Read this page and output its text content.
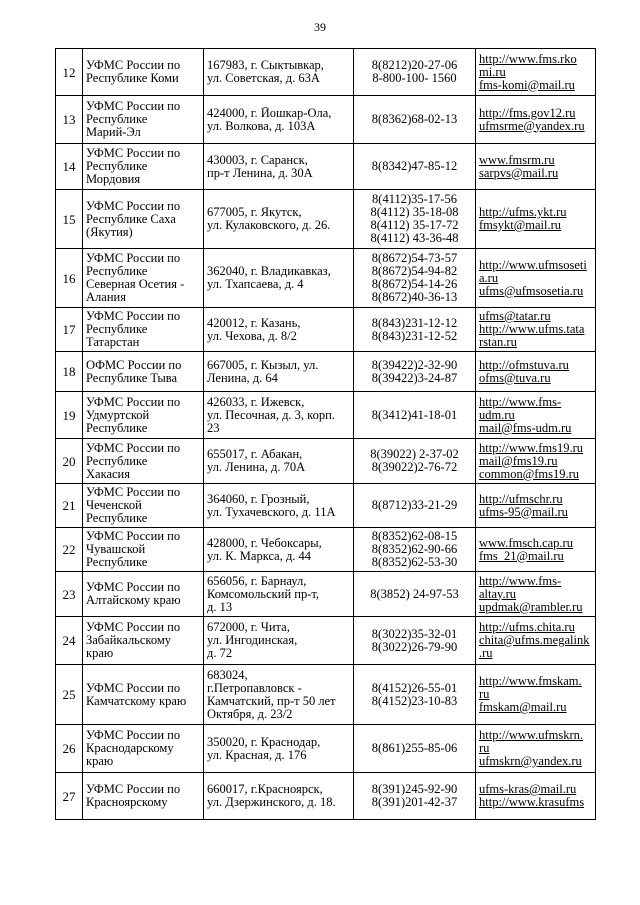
39
12	УФМС России по
Республике Коми	167983, г. Сыктывкар,
ул. Советская, д. 63А	8(8212)20-27-06
8-800-100- 1560	http://www.fms.rko
mi.ru
fms-komi@mail.ru

13	УФМС России по
Республике
Марий-Эл	424000, г. Йошкар-Ола,
ул. Волкова, д. 103А	8(8362)68-02-13	http://fms.gov12.ru
ufmsrme@yandex.ru

14	УФМС России по
Республике
Мордовия	430003, г. Саранск,
пр-т Ленина, д. 30А	8(8342)47-85-12	www.fmsrm.ru
sarpvs@mail.ru

15	УФМС России по
Республике Саха
(Якутия)	677005, г. Якутск,
ул. Кулаковского, д. 26.	8(4112)35-17-56
8(4112) 35-18-08
8(4112) 35-17-72
8(4112) 43-36-48	http://ufms.ykt.ru
fmsykt@mail.ru

16	УФМС России по
Республике
Северная Осетия -
Алания	362040, г. Владикавказ,
ул. Тхапсаева, д. 4	8(8672)54-73-57
8(8672)54-94-82
8(8672)54-14-26
8(8672)40-36-13	http://www.ufmsoseti
a.ru
ufms@ufmsosetia.ru

17	УФМС России по
Республике
Татарстан	420012, г. Казань,
ул. Чехова, д. 8/2	8(843)231-12-12
8(843)231-12-52	ufms@tatar.ru
http://www.ufms.tata
rstan.ru

18	ОФМС России по
Республике Тыва	667005, г. Кызыл, ул.
Ленина, д. 64	8(39422)2-32-90
8(39422)3-24-87	http://ofmstuva.ru
ofms@tuva.ru

19	УФМС России по
Удмуртской
Республике	426033, г. Ижевск,
ул. Песочная, д. 3, корп.
23	8(3412)41-18-01	http://www.fms-
udm.ru
mail@fms-udm.ru

20	УФМС России по
Республике
Хакасия	655017, г. Абакан,
ул. Ленина, д. 70А	8(39022) 2-37-02
8(39022)2-76-72	http://www.fms19.ru
mail@fms19.ru
common@fms19.ru

21	УФМС России по
Чеченской
Республике	364060, г. Грозный,
ул. Тухачевского, д. 11А	8(8712)33-21-29	http://ufmschr.ru
ufms-95@mail.ru

22	УФМС России по
Чувашской
Республике	428000, г. Чебоксары,
ул. К. Маркса, д. 44	8(8352)62-08-15
8(8352)62-90-66
8(8352)62-53-30	www.fmsch.cap.ru
fms_21@mail.ru

23	УФМС России по
Алтайскому краю	656056, г. Барнаул,
Комсомольский пр-т,
д. 13	8(3852) 24-97-53	http://www.fms-
altay.ru
updmak@rambler.ru

24	УФМС России по
Забайкальскому
краю	672000, г. Чита,
ул. Ингодинская,
д. 72	8(3022)35-32-01
8(3022)26-79-90	http://ufms.chita.ru
chita@ufms.megalink
.ru

25	УФМС России по
Камчатскому краю	683024,
г.Петропавловск -
Камчатский, пр-т 50 лет
Октября, д. 23/2	8(4152)26-55-01
8(4152)23-10-83	http://www.fmskam.
ru
fmskam@mail.ru

26	УФМС России по
Краснодарскому
краю	350020, г. Краснодар,
ул. Красная, д. 176	8(861)255-85-06	http://www.ufmskrn.
ru
ufmskrn@yandex.ru

27	УФМС России по
Красноярскому	660017, г.Красноярск,
ул. Дзержинского, д. 18.	8(391)245-92-90
8(391)201-42-37	ufms-kras@mail.ru
http://www.krasufms
